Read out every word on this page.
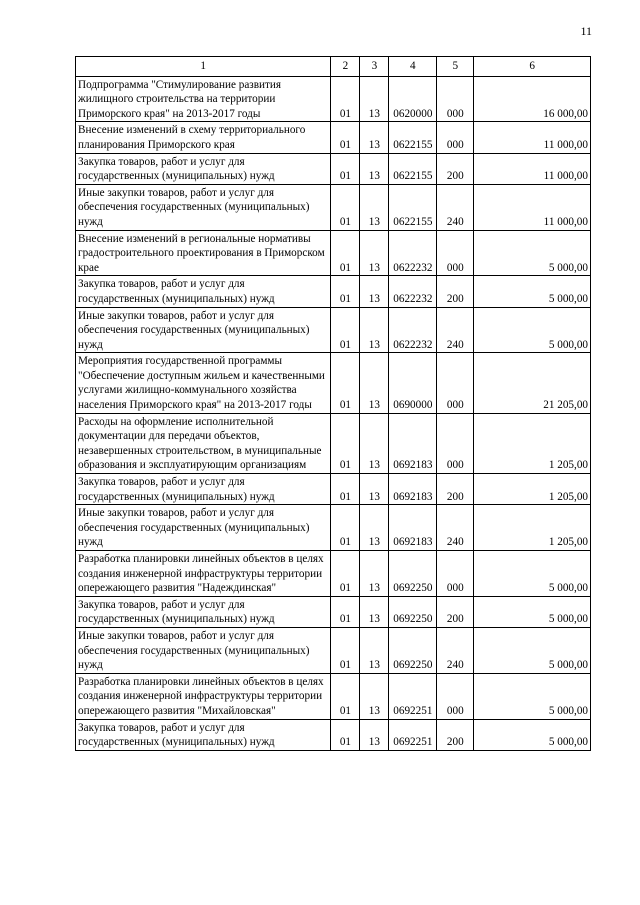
11
1	2	3	4	5	6
Подпрограмма "Стимулирование развития жилищного строительства на территории Приморского края" на 2013-2017 годы	01	13	0620000	000	16 000,00
Внесение изменений в схему территориального планирования Приморского края	01	13	0622155	000	11 000,00
Закупка товаров, работ и услуг для государственных (муниципальных) нужд	01	13	0622155	200	11 000,00
Иные закупки товаров, работ и услуг для обеспечения государственных (муниципальных) нужд	01	13	0622155	240	11 000,00
Внесение изменений в региональные нормативы градостроительного проектирования в Приморском крае	01	13	0622232	000	5 000,00
Закупка товаров, работ и услуг для государственных (муниципальных) нужд	01	13	0622232	200	5 000,00
Иные закупки товаров, работ и услуг для обеспечения государственных (муниципальных) нужд	01	13	0622232	240	5 000,00
Мероприятия государственной программы "Обеспечение доступным жильем и качественными услугами жилищно-коммунального хозяйства населения Приморского края" на 2013-2017 годы	01	13	0690000	000	21 205,00
Расходы на оформление исполнительной документации для передачи объектов, незавершенных строительством, в муниципальные образования и эксплуатирующим организациям	01	13	0692183	000	1 205,00
Закупка товаров, работ и услуг для государственных (муниципальных) нужд	01	13	0692183	200	1 205,00
Иные закупки товаров, работ и услуг для обеспечения государственных (муниципальных) нужд	01	13	0692183	240	1 205,00
Разработка планировки линейных объектов в целях создания инженерной инфраструктуры территории опережающего развития "Надеждинская"	01	13	0692250	000	5 000,00
Закупка товаров, работ и услуг для государственных (муниципальных) нужд	01	13	0692250	200	5 000,00
Иные закупки товаров, работ и услуг для обеспечения государственных (муниципальных) нужд	01	13	0692250	240	5 000,00
Разработка планировки линейных объектов в целях создания инженерной инфраструктуры территории опережающего развития "Михайловская"	01	13	0692251	000	5 000,00
Закупка товаров, работ и услуг для государственных (муниципальных) нужд	01	13	0692251	200	5 000,00
